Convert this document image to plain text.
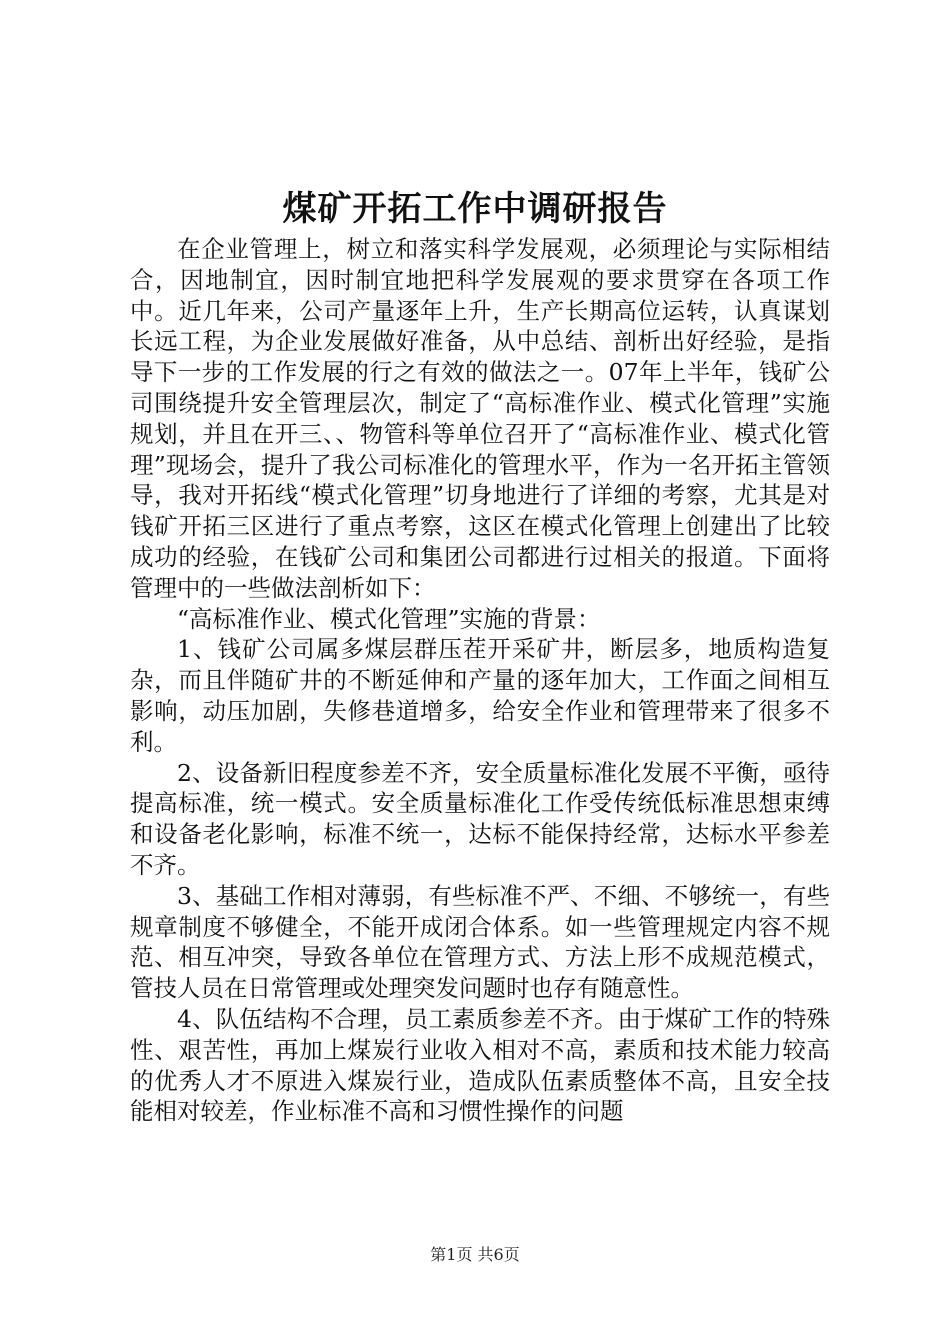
煤矿开拓工作中调研报告

在企业管理上，树立和落实科学发展观，必须理论与实际相结合，因地制宜，因时制宜地把科学发展观的要求贯穿在各项工作中。近几年来，公司产量逐年上升，生产长期高位运转，认真谋划长远工程，为企业发展做好准备，从中总结、剖析出好经验，是指导下一步的工作发展的行之有效的做法之一。07年上半年，钱矿公司围绕提升安全管理层次，制定了“高标准作业、模式化管理”实施规划，并且在开三、、物管科等单位召开了“高标准作业、模式化管理”现场会，提升了我公司标准化的管理水平，作为一名开拓主管领导，我对开拓线“模式化管理”切身地进行了详细的考察，尤其是对钱矿开拓三区进行了重点考察，这区在模式化管理上创建出了比较成功的经验，在钱矿公司和集团公司都进行过相关的报道。下面将管理中的一些做法剖析如下：

“高标准作业、模式化管理”实施的背景：

1、钱矿公司属多煤层群压茬开采矿井，断层多，地质构造复杂，而且伴随矿井的不断延伸和产量的逐年加大，工作面之间相互影响，动压加剧，失修巷道增多，给安全作业和管理带来了很多不利。

2、设备新旧程度参差不齐，安全质量标准化发展不平衡，亟待提高标准，统一模式。安全质量标准化工作受传统低标准思想束缚和设备老化影响，标准不统一，达标不能保持经常，达标水平参差不齐。

3、基础工作相对薄弱，有些标准不严、不细、不够统一，有些规章制度不够健全，不能开成闭合体系。如一些管理规定内容不规范、相互冲突，导致各单位在管理方式、方法上形不成规范模式，管技人员在日常管理或处理突发问题时也存有随意性。

4、队伍结构不合理，员工素质参差不齐。由于煤矿工作的特殊性、艰苦性，再加上煤炭行业收入相对不高，素质和技术能力较高的优秀人才不原进入煤炭行业，造成队伍素质整体不高，且安全技能相对较差，作业标准不高和习惯性操作的问题

第1页 共6页
